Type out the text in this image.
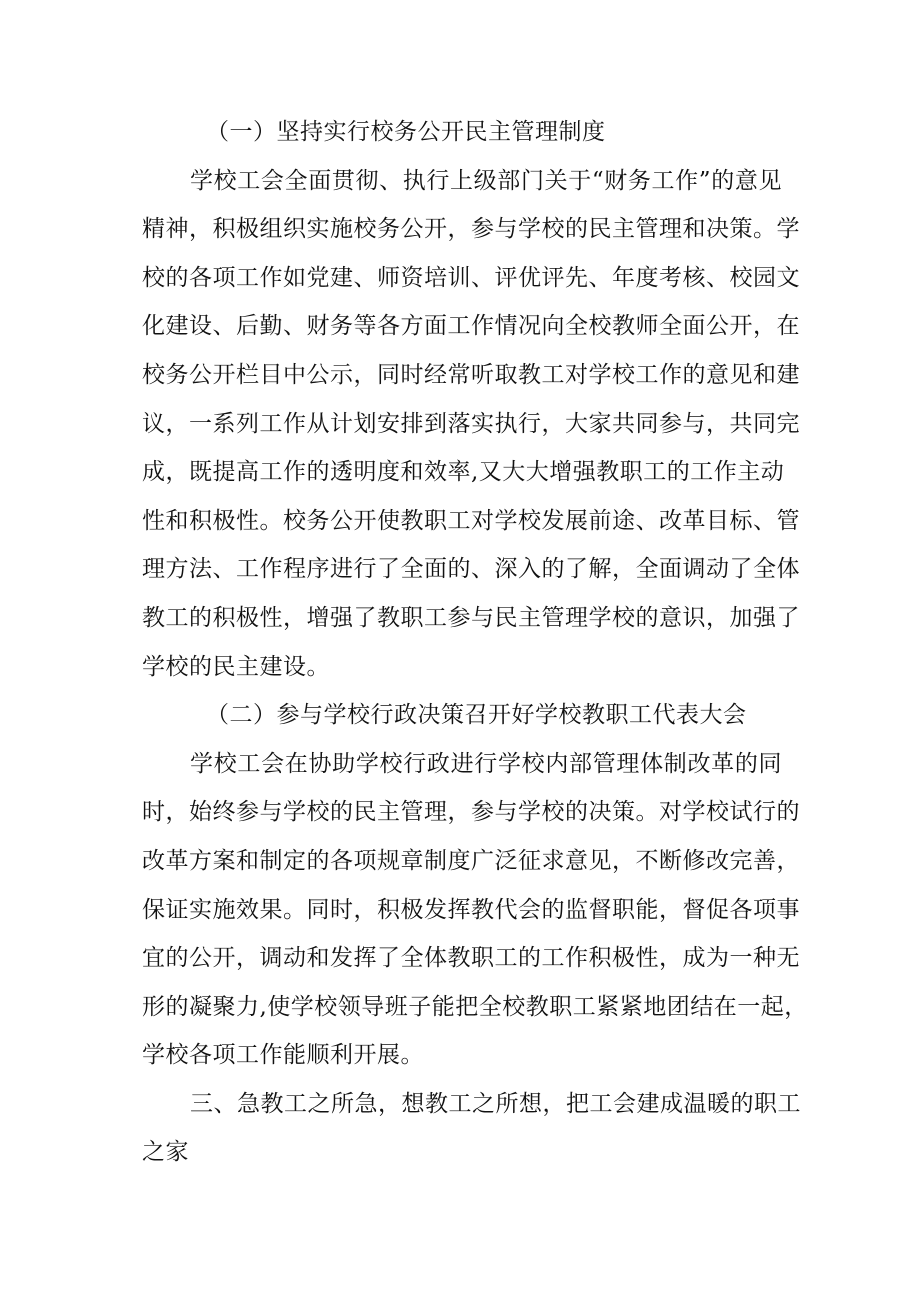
（一）坚持实行校务公开民主管理制度
学校工会全面贯彻、执行上级部门关于“财务工作”的意见
精神，积极组织实施校务公开，参与学校的民主管理和决策。学
校的各项工作如党建、师资培训、评优评先、年度考核、校园文
化建设、后勤、财务等各方面工作情况向全校教师全面公开，在
校务公开栏目中公示，同时经常听取教工对学校工作的意见和建
议，一系列工作从计划安排到落实执行，大家共同参与，共同完
成，既提高工作的透明度和效率,又大大增强教职工的工作主动
性和积极性。校务公开使教职工对学校发展前途、改革目标、管
理方法、工作程序进行了全面的、深入的了解，全面调动了全体
教工的积极性，增强了教职工参与民主管理学校的意识，加强了
学校的民主建设。
（二）参与学校行政决策召开好学校教职工代表大会
学校工会在协助学校行政进行学校内部管理体制改革的同
时，始终参与学校的民主管理，参与学校的决策。对学校试行的
改革方案和制定的各项规章制度广泛征求意见，不断修改完善，
保证实施效果。同时，积极发挥教代会的监督职能，督促各项事
宜的公开，调动和发挥了全体教职工的工作积极性，成为一种无
形的凝聚力,使学校领导班子能把全校教职工紧紧地团结在一起，
学校各项工作能顺利开展。
三、急教工之所急，想教工之所想，把工会建成温暖的职工
之家
